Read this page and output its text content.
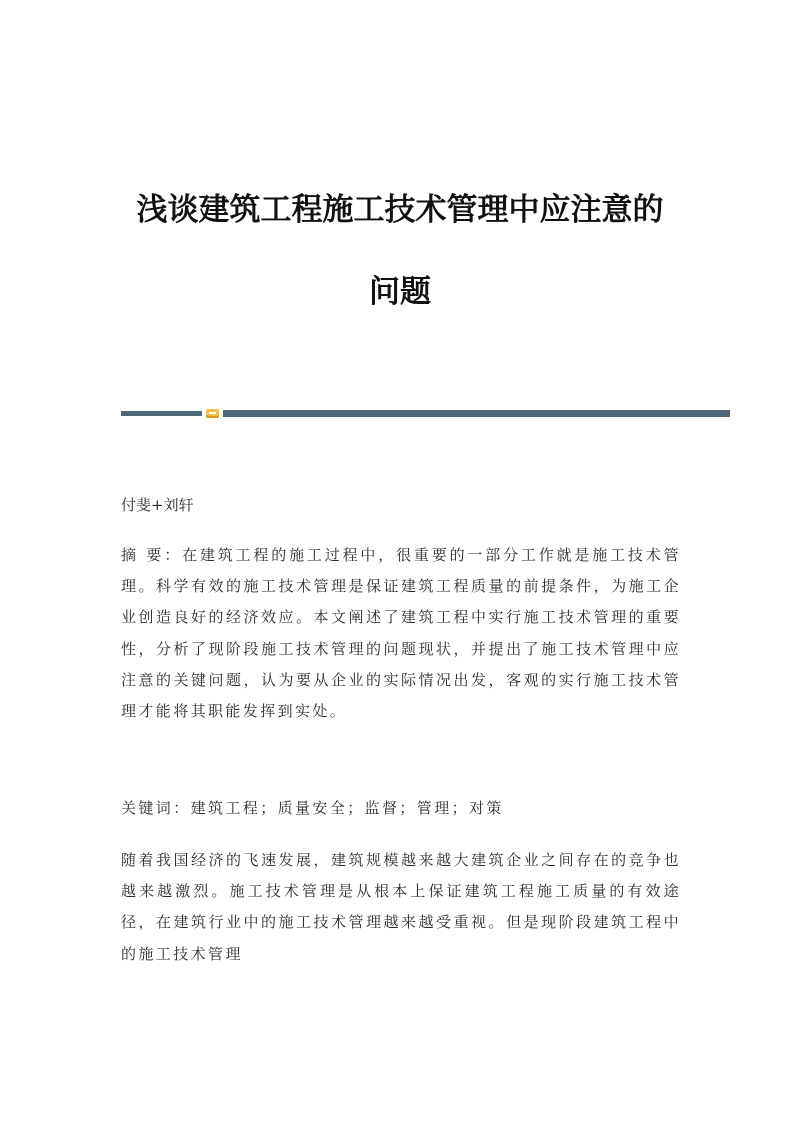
浅谈建筑工程施工技术管理中应注意的
问题

付斐+刘轩

摘 要：在建筑工程的施工过程中，很重要的一部分工作就是施工技术管理。科学有效的施工技术管理是保证建筑工程质量的前提条件，为施工企业创造良好的经济效应。本文阐述了建筑工程中实行施工技术管理的重要性，分析了现阶段施工技术管理的问题现状，并提出了施工技术管理中应注意的关键问题，认为要从企业的实际情况出发，客观的实行施工技术管理才能将其职能发挥到实处。

关键词：建筑工程；质量安全；监督；管理；对策

随着我国经济的飞速发展，建筑规模越来越大建筑企业之间存在的竞争也越来越激烈。施工技术管理是从根本上保证建筑工程施工质量的有效途径，在建筑行业中的施工技术管理越来越受重视。但是现阶段建筑工程中的施工技术管理
